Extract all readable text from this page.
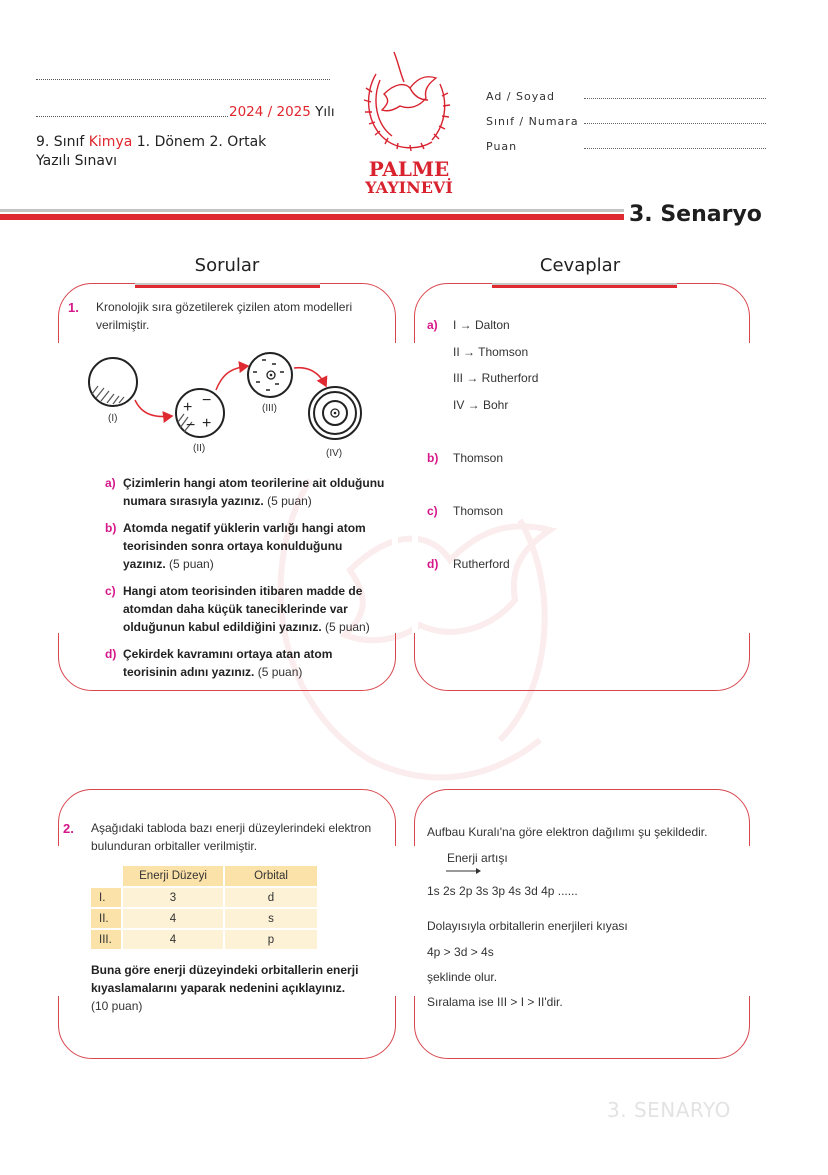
2024 / 2025 Yılı
9. Sınıf Kimya 1. Dönem 2. Ortak
Yazılı Sınavı	PALME
YAYINEVİ
Ad / Soyad
Sınıf / Numara
Puan
3. Senaryo
Sorular	Cevaplar
1. Kronolojik sıra gözetilerek çizilen atom modelleri verilmiştir.
(I)
+ −
− +
(II)
(III)
(IV)
a) Çizimlerin hangi atom teorilerine ait olduğunu numara sırasıyla yazınız. (5 puan)
b) Atomda negatif yüklerin varlığı hangi atom teorisinden sonra ortaya konulduğunu yazınız. (5 puan)
c) Hangi atom teorisinden itibaren madde de atomdan daha küçük taneciklerinde var olduğunun kabul edildiğini yazınız. (5 puan)
d) Çekirdek kavramını ortaya atan atom teorisinin adını yazınız. (5 puan)
a) I → Dalton
II → Thomson
III → Rutherford
IV → Bohr
b) Thomson
c) Thomson
d) Rutherford
2. Aşağıdaki tabloda bazı enerji düzeylerindeki elektron bulunduran orbitaller verilmiştir.
	Enerji Düzeyi	Orbital
I.	3	d
II.	4	s
III.	4	p
Buna göre enerji düzeyindeki orbitallerin enerji kıyaslamalarını yaparak nedenini açıklayınız.
(10 puan)
Aufbau Kuralı'na göre elektron dağılımı şu şekildedir.
Enerji artışı
1s 2s 2p 3s 3p 4s 3d 4p ......
Dolayısıyla orbitallerin enerjileri kıyası
4p > 3d > 4s
şeklinde olur.
Sıralama ise III > I > II'dir.
3. SENARYO
